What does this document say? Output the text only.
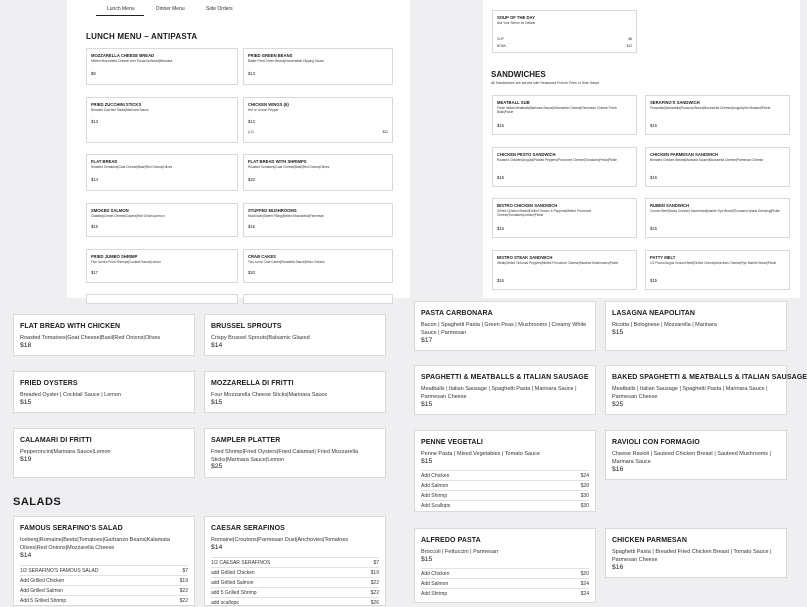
Lunch Menu	Dinner Menu	Side Orders
LUNCH MENU – ANTIPASTA
MOZZARELLA CHEESE BREAD
Melted Mozzarella Cheese over Focaccia Bread|Marinara
$8
FRIED GREEN BEANS
Batter Fried Green Beans|Horseradish Dipping Sauce
$13
FRIED ZUCCHINI STICKS
Breaded Zucchini Sticks|Marinara Sauce
$13
CHICKEN WINGS (6)
Hot or Lemon Pepper
$12
(12)	$22
FLAT BREAD
Roasted Tomatoes|Goat Cheese|Basil|Red Onions|Olives
$14
FLAT BREAD WITH SHRIMPS
Roasted Tomatoes|Goat Cheese|Basil|Red Onions|Olives
$22
SMOKED SALMON
Ciabatta|Cream Cheese|Capers|Red Onions|Lemon
$15
STUFFED MUSHROOMS
Mushroom|Sweet Filling|Melted Mozzarella|Parmesan
$15
FRIED JUMBO SHRIMP
Five Jumbo Fried Shrimps|Cocktail Sauce|Lemon
$17
CRAB CAKES
Two Lump Crab Cakes|Rosalotta Sauce|Micro Greens
$20
SOUP OF THE DAY
Ask Your Server for Details
CUP	$6
BOWL	$12
SANDWICHES
All Sandwiches are served with Seasoned French Fries or Side Salad
MEATBALL SUB
Fresh Italian Meatballs|Marinara Sauce|Mozzarella Cheese|Parmesan Cheese Fresh Basil|Pickle
$15
SERAFINO'S SANDWICH
Prosciutto|Mortadella|Focaccia Bread|Mozzarella Cheese|Arugula|Hot Mustard|Pickle
$15
CHICKEN PESTO SANDWICH
Roasted Chicken|Arugula|Pickled Peppers|Provolone Cheese|Tomatoes|Pesto|Pickle
$15
CHICKEN PARMESAN SANDWICH
Breaded Chicken Breast|Marinara Sauce|Mozzarella Cheese|Parmesan Cheese
$16
BISTRO CHICKEN SANDWICH
Grilled Chicken Breast|Grilled Onions & Peppers|Melted Provolone Cheese|Tomatoes|Lettuce|Pickle
$15
RUBEN SANDWICH
Corned Beef|Swiss Cheese| Sauerkraut|Marble Rye Bread|Thousand Island Dressing|Pickle
$15
BISTRO STEAK SANDWICH
Steak|Grilled Onions& Peppers|Melted Provolone Cheese|Sauteed Mushrooms|Pickle
$16
PATTY MELT
1/2 Pound Angus Ground Beef|Grilled Onions|American Cheese|Rye Marble Bread|Pickle
$15
FLAT BREAD WITH CHICKEN
Roasted Tomatoes|Goat Cheese|Basil|Red Onions|Olives
$18
BRUSSEL SPROUTS
Crispy Brussel Sprouts|Balsamic Glazed
$14
FRIED OYSTERS
Breaded Oyster | Cocktail Sauce | Lemon
$15
MOZZARELLA DI FRITTI
Four Mozzarella Cheese Sticks|Marinara Sauce
$15
CALAMARI DI FRITTI
Pepperoncini|Marinara Sauce|Lemon
$19
SAMPLER PLATTER
Fried Shrimp|Fried Oysters|Fried Calamari| Fried Mozzarella Sticks|Marinara Sauce|Lemon
$25
SALADS
FAMOUS SERAFINO'S SALAD
Iceberg|Romaine|Beets|Tomatoes|Garbanzo Beans|Kalamata Olives|Red Onions|Mozzarella Cheese
$14
1/2 SERAFINO'S FAMOUS SALAD	$7
Add Grilled Chicken	$19
Add Grilled Salmon	$22
Add 5 Grilled Shrimp	$22
CAESAR SERAFINOS
Romaine|Croutons|Parmesan Dust|Anchovies|Tomatoes
$14
1/2 CAESAR SERAFINOS	$7
add Grilled Chicken	$19
add Grilled Salmon	$22
add 5 Grilled Shrimp	$22
add scallops	$26
PASTA CARBONARA
Bacon | Spaghetti Pasta | Green Peas | Mushrooms | Creamy White Sauce | Parmesan
$17
LASAGNA NEAPOLITAN
Ricotta | Bolognese | Mozzarella | Marinara
$15
SPAGHETTI & MEATBALLS & ITALIAN SAUSAGE
Meatballs | Italian Sausage | Spaghetti Pasta | Marinara Sauce | Parmesan Cheese
$15
BAKED SPAGHETTI & MEATBALLS & ITALIAN SAUSAGE
Meatballs | Italian Sausage | Spaghetti Pasta | Marinara Sauce | Parmesan Cheese
$25
PENNE VEGETALI
Penne Pasta | Mixed Vegetables | Tomato Sauce
$15
Add Chicken	$24
Add Salmon	$28
Add Shrimp	$30
Add Scallops	$30
RAVIOLI CON FORMAGIO
Cheese Ravioli | Sauteed Chicken Breast | Sauteed Mushrooms | Marinara Sauce
$16
ALFREDO PASTA
Broccoli | Fettuccini | Parmesan
$15
Add Chicken	$20
Add Salmon	$24
Add Shrimp	$24
CHICKEN PARMESAN
Spaghetti Pasta | Breaded Fried Chicken Breast | Tomato Sauce | Parmesan Cheese
$16
